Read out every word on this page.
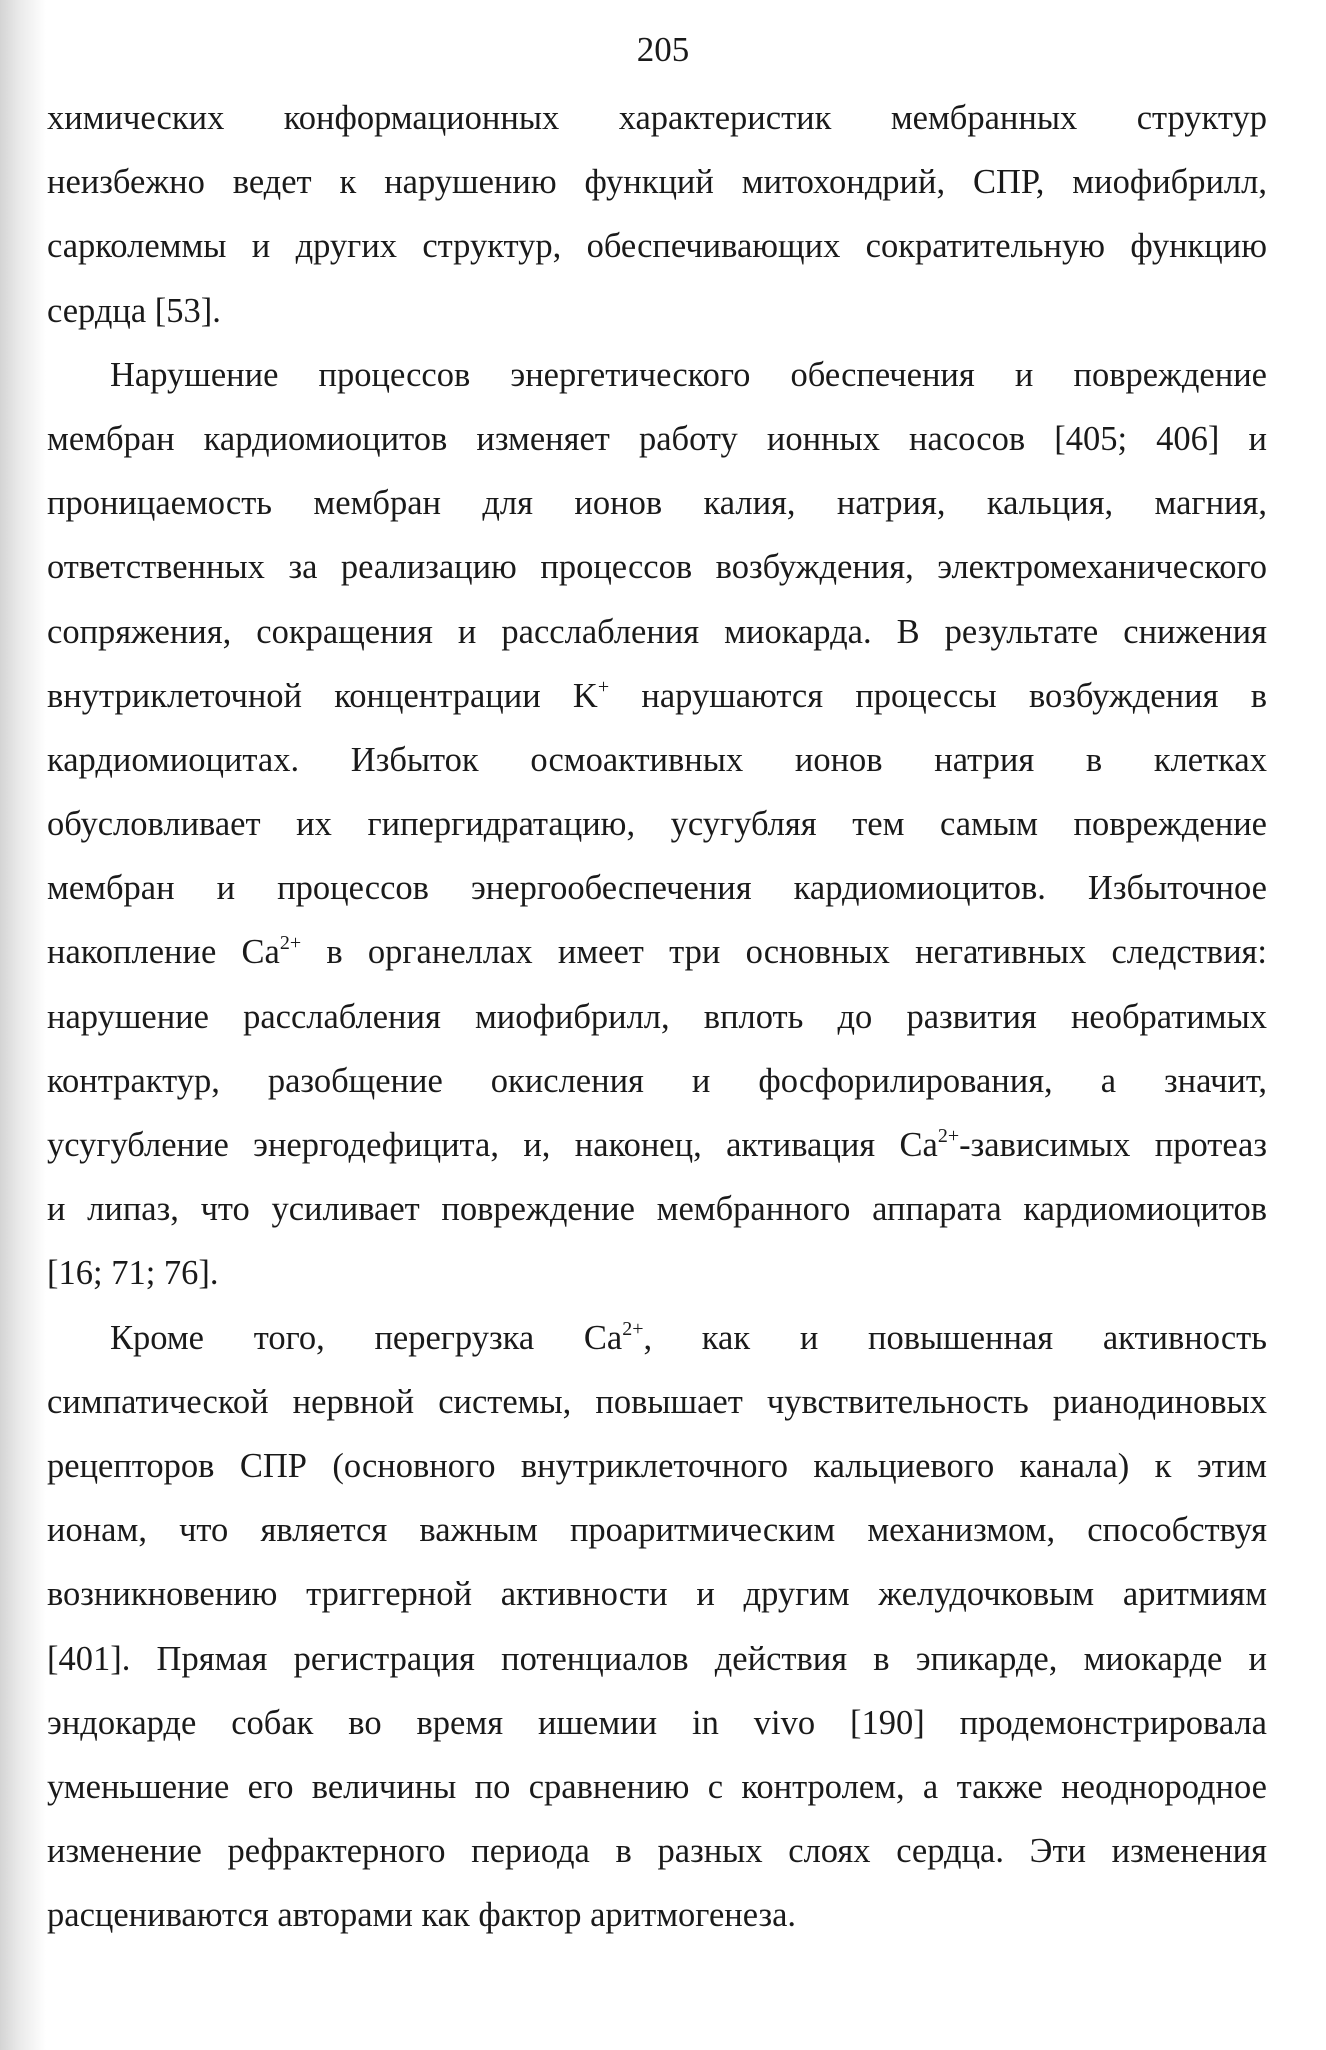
205
химических конформационных характеристик мембранных структур
неизбежно ведет к нарушению функций митохондрий, СПР, миофибрилл,
сарколеммы и других структур, обеспечивающих сократительную функцию
сердца [53].
Нарушение процессов энергетического обеспечения и повреждение
мембран кардиомиоцитов изменяет работу ионных насосов [405; 406] и
проницаемость мембран для ионов калия, натрия, кальция, магния,
ответственных за реализацию процессов возбуждения, электромеханического
сопряжения, сокращения и расслабления миокарда. В результате снижения
внутриклеточной концентрации K+ нарушаются процессы возбуждения в
кардиомиоцитах. Избыток осмоактивных ионов натрия в клетках
обусловливает их гипергидратацию, усугубляя тем самым повреждение
мембран и процессов энергообеспечения кардиомиоцитов. Избыточное
накопление $Ca^{2+}$ в органеллах имеет три основных негативных следствия:
нарушение расслабления миофибрилл, вплоть до развития необратимых
контрактур, разобщение окисления и фосфорилирования, а значит,
усугубление энергодефицита, и, наконец, активация $Ca^{2+}$-зависимых протеаз
и липаз, что усиливает повреждение мембранного аппарата кардиомиоцитов
[16; 71; 76].
Кроме того, перегрузка $Ca^{2+}$, как и повышенная активность
симпатической нервной системы, повышает чувствительность рианодиновых
рецепторов СПР (основного внутриклеточного кальциевого канала) к этим
ионам, что является важным проаритмическим механизмом, способствуя
возникновению триггерной активности и другим желудочковым аритмиям
[401]. Прямая регистрация потенциалов действия в эпикарде, миокарде и
эндокарде собак во время ишемии in vivo [190] продемонстрировала
уменьшение его величины по сравнению с контролем, а также неоднородное
изменение рефрактерного периода в разных слоях сердца. Эти изменения
расцениваются авторами как фактор аритмогенеза.
